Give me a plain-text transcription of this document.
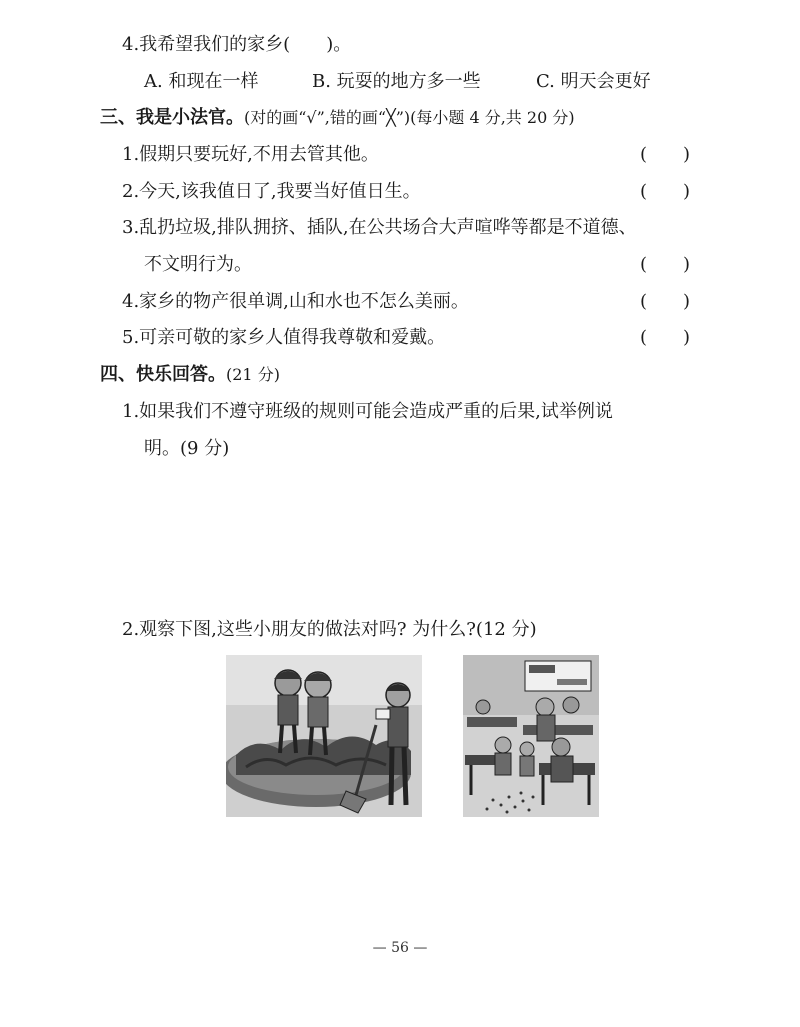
4.我希望我们的家乡(　　)。
A. 和现在一样	B. 玩耍的地方多一些	C. 明天会更好
三、我是小法官。(对的画“√”,错的画“╳”)(每小题 4 分,共 20 分)
1.假期只要玩好,不用去管其他。	(　　)
2.今天,该我值日了,我要当好值日生。	(　　)
3.乱扔垃圾,排队拥挤、插队,在公共场合大声喧哗等都是不道德、
不文明行为。	(　　)
4.家乡的物产很单调,山和水也不怎么美丽。	(　　)
5.可亲可敬的家乡人值得我尊敬和爱戴。	(　　)
四、快乐回答。(21 分)
1.如果我们不遵守班级的规则可能会造成严重的后果,试举例说
明。(9 分)
2.观察下图,这些小朋友的做法对吗? 为什么?(12 分)
— 56 —
